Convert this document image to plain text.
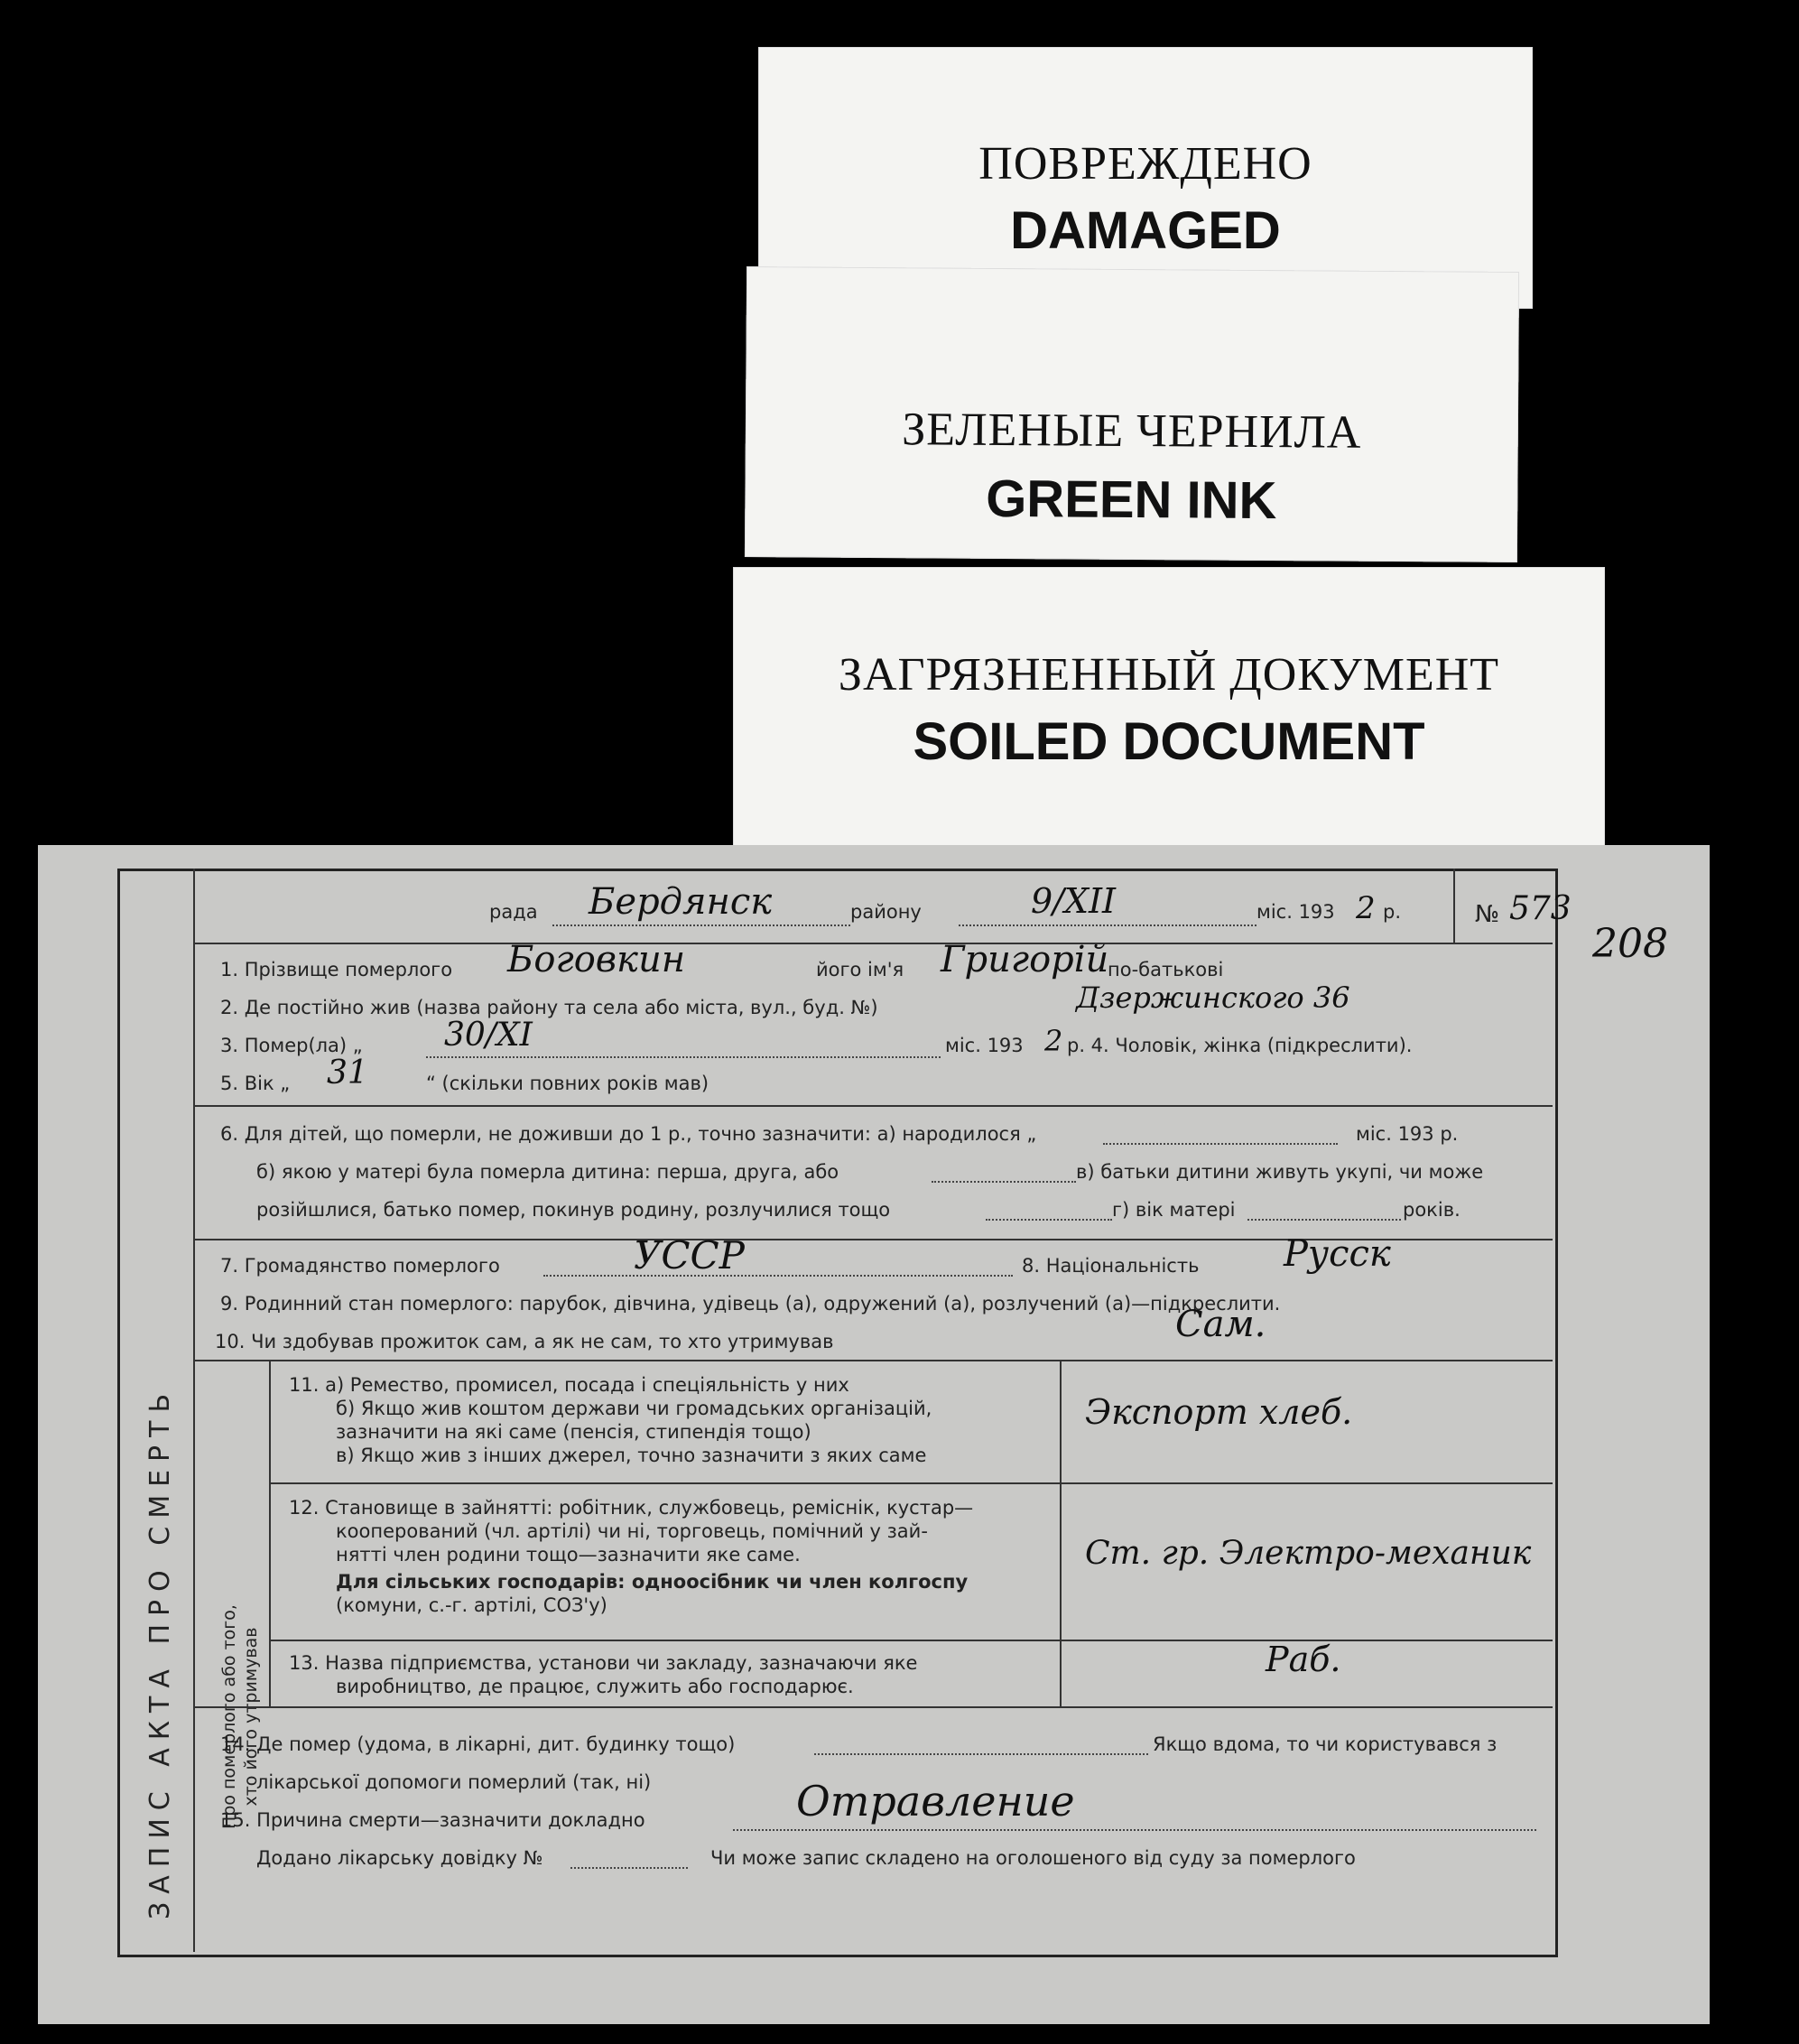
ПОВРЕЖДЕНО
DAMAGED
ЗЕЛЕНЫЕ ЧЕРНИЛА
GREEN INK
ЗАГРЯЗНЕННЫЙ ДОКУМЕНТ
SOILED DOCUMENT
ЗАПИС АКТА ПРО СМЕРТЬ	Про померлого або того, хто його утримував
рада Бердянск	району	9/XII	міс. 193 2 р.	№ 573
208
1. Прізвище померлого Боговкин	його ім'я Григорій
по-батькові
2. Де постійно жив (назва району та села або міста, вул., буд. №)	Дзержинского 36
3. Помер(ла) „	30/XI	міс. 193 2 р. 4. Чоловік, жінка (підкреслити).
5. Вік „ 31	“ (скільки повних років мав)
6. Для дітей, що померли, не доживши до 1 р., точно зазначити: а) народилося „	міс. 193 р.
б) якою у матері була померла дитина: перша, друга, або	в) батьки дитини живуть укупі, чи може
розійшлися, батько помер, покинув родину, розлучилися тощо	г) вік матері	років.
7. Громадянство померлого	УССР	8. Національність Русск
9. Родинний стан померлого: парубок, дівчина, удівець (а), одружений (а), розлучений (а)—підкреслити.
10. Чи здобував прожиток сам, а як не сам, то хто утримував	Сам.
11. а) Ремество, промисел, посада і спеціяльність у них
б) Якщо жив коштом держави чи громадських організацій,
зазначити на які саме (пенсія, стипендія тощо)
в) Якщо жив з інших джерел, точно зазначити з яких саме
Экспорт хлеб.
12. Становище в зайнятті: робітник, службовець, реміснік, кустар—
кооперований (чл. артілі) чи ні, торговець, помічний у зай-
нятті член родини тощо—зазначити яке саме.
Для сільських господарів: одноосібник чи член колгоспу
(комуни, с.-г. артілі, СОЗ'у)
Ст. гр. Электро-механик
13. Назва підприємства, установи чи закладу, зазначаючи яке
виробництво, де працює, служить або господарює.
Раб.
14. Де помер (удома, в лікарні, дит. будинку тощо)	Якщо вдома, то чи користувався з
лікарської допомоги померлий (так, ні)
15. Причина смерти—зазначити докладно	Отравление
Додано лікарську довідку №	Чи може запис складено на оголошеного від суду за померлого
